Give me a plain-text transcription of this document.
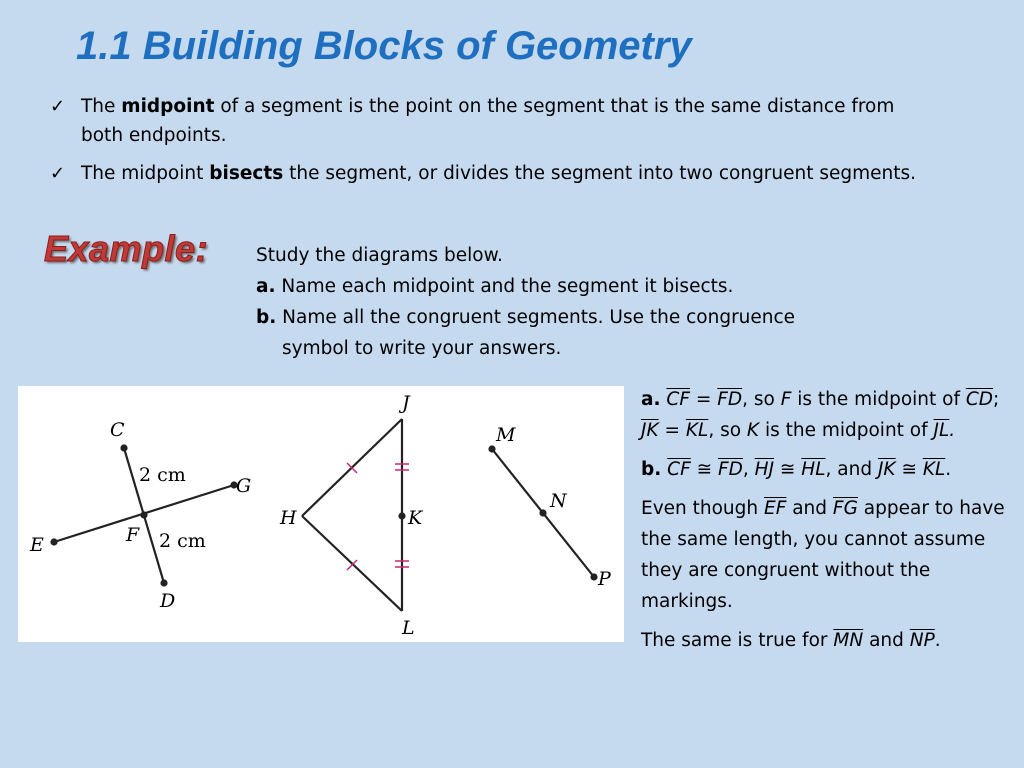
1.1 Building Blocks of Geometry
✓ The midpoint of a segment is the point on the segment that is the same distance from both endpoints.
✓ The midpoint bisects the segment, or divides the segment into two congruent segments.
Example:	Study the diagrams below.
a. Name each midpoint and the segment it bisects.
b. Name all the congruent segments. Use the congruence
symbol to write your answers.
C
D
E
G
F
2 cm
2 cm
J
H	K
L
M
N
P

a. $\overline{CF} = \overline{FD}$, so F is the midpoint of $\overline{CD}$; $\overline{JK} = \overline{KL}$, so K is the midpoint of $\overline{JL}$.

b. $\overline{CF}$ ≅ $\overline{FD}$, $\overline{HJ}$ ≅ $\overline{HL}$, and $\overline{JK}$ ≅ $\overline{KL}$.

Even though $\overline{EF}$ and $\overline{FG}$ appear to have the same length, you cannot assume they are congruent without the markings.

The same is true for $\overline{MN}$ and $\overline{NP}$.
